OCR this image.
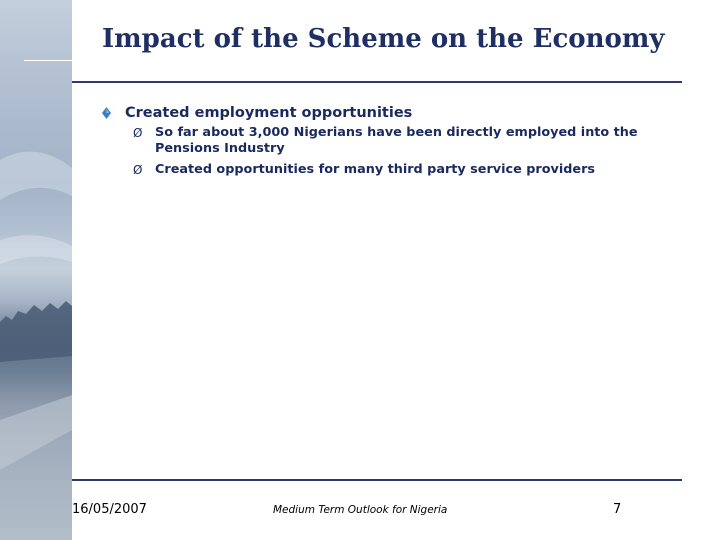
Impact of the Scheme on the Economy
Created employment opportunities
Ø So far about 3,000 Nigerians have been directly employed into the
Pensions Industry
Ø Created opportunities for many third party service providers
16/05/2007	Medium Term Outlook for Nigeria	7
